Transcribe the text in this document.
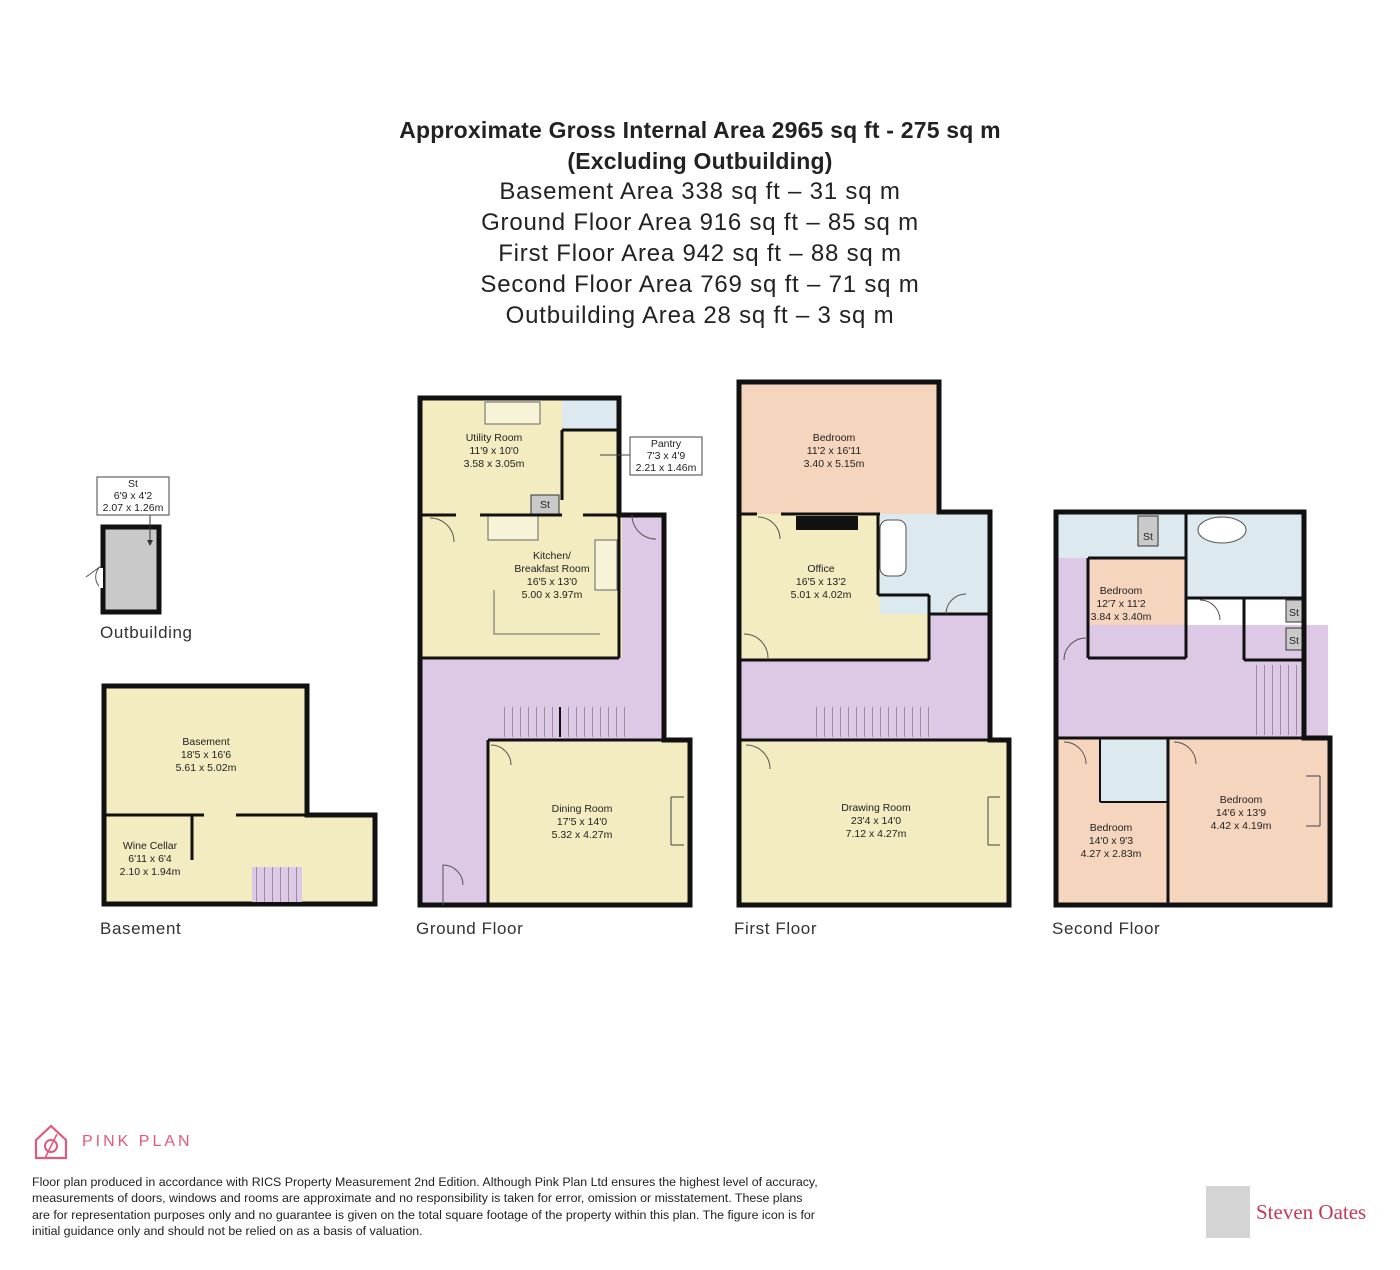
Approximate Gross Internal Area 2965 sq ft - 275 sq m
(Excluding Outbuilding)
Basement Area 338 sq ft – 31 sq m
Ground Floor Area 916 sq ft – 85 sq m
First Floor Area 942 sq ft – 88 sq m
Second Floor Area 769 sq ft – 71 sq m
Outbuilding Area 28 sq ft – 3 sq m
St
6'9 x 4'2
2.07 x 1.26m
Basement
18'5 x 16'6
5.61 x 5.02m
Wine Cellar
6'11 x 6'4
2.10 x 1.94m
St
Pantry
7'3 x 4'9
2.21 x 1.46m
Utility Room
11'9 x 10'0
3.58 x 3.05m
Kitchen/
Breakfast Room
16'5 x 13'0
5.00 x 3.97m
Dining Room
17'5 x 14'0
5.32 x 4.27m
Bedroom
11'2 x 16'11
3.40 x 5.15m
Office
16'5 x 13'2
5.01 x 4.02m
Drawing Room
23'4 x 14'0
7.12 x 4.27m
St
St
St
Bedroom
12'7 x 11'2
3.84 x 3.40m
Bedroom
14'0 x 9'3
4.27 x 2.83m
Bedroom
14'6 x 13'9
4.42 x 4.19m
Outbuilding
Basement	Ground Floor	First Floor	Second Floor
PINK PLAN
Floor plan produced in accordance with RICS Property Measurement 2nd Edition. Although Pink Plan Ltd ensures the highest level of accuracy, measurements of doors, windows and rooms are approximate and no responsibility is taken for error, omission or misstatement. These plans are for representation purposes only and no guarantee is given on the total square footage of the property within this plan. The figure icon is for initial guidance only and should not be relied on as a basis of valuation.
Steven Oates
